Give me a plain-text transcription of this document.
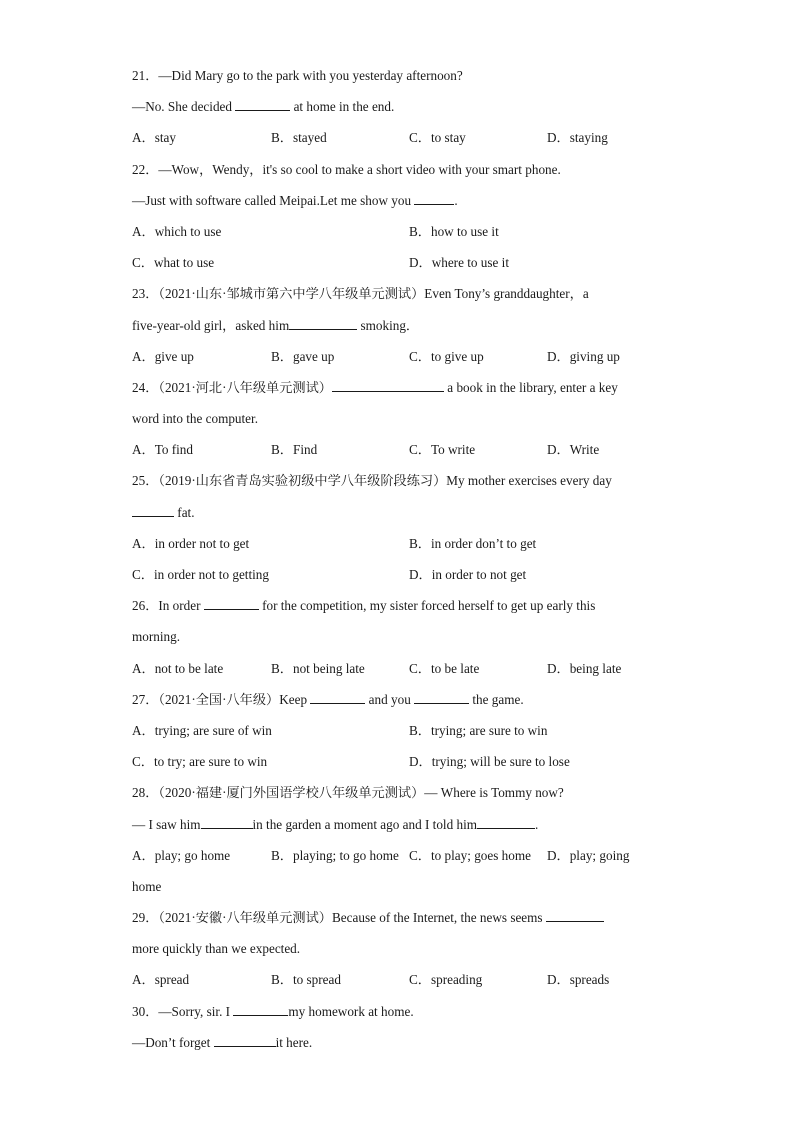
21．—Did Mary go to the park with you yesterday afternoon?
—No. She decided	at home in the end.
A．stay	B．stayed	C．to stay	D．staying
22．—Wow，Wendy，it's so cool to make a short video with your smart phone.
—Just with software called Meipai.Let me show you	.
A．which to use	B．how to use it
C．what to use	D．where to use it
23．（2021·山东·邹城市第六中学八年级单元测试）Even Tony’s granddaughter，a
five-year-old girl，asked him	smoking．
A．give up	B．gave up	C．to give up	D．giving up
24．（2021·河北·八年级单元测试）	a book in the library, enter a key
word into the computer.
A．To find	B．Find	C．To write	D．Write
25．（2019·山东省青岛实验初级中学八年级阶段练习）My mother exercises every day
fat.
A．in order not to get	B．in order don’t to get
C．in order not to getting	D．in order to not get
26．In order	for the competition, my sister forced herself to get up early this
morning.
A．not to be late	B．not being late	C．to be late	D．being late
27．（2021·全国·八年级）Keep	and you	the game.
A．trying; are sure of win	B．trying; are sure to win
C．to try; are sure to win	D．trying; will be sure to lose
28．（2020·福建·厦门外国语学校八年级单元测试）— Where is Tommy now?
— I saw him	in the garden a moment ago and I told him	.
A．play; go home	B．playing; to go home C．to play; goes home D．play; going
home
29．（2021·安徽·八年级单元测试）Because of the Internet, the news seems
more quickly than we expected.
A．spread	B．to spread	C．spreading	D．spreads
30．—Sorry, sir. I	my homework at home.
—Don’t forget	it here.
